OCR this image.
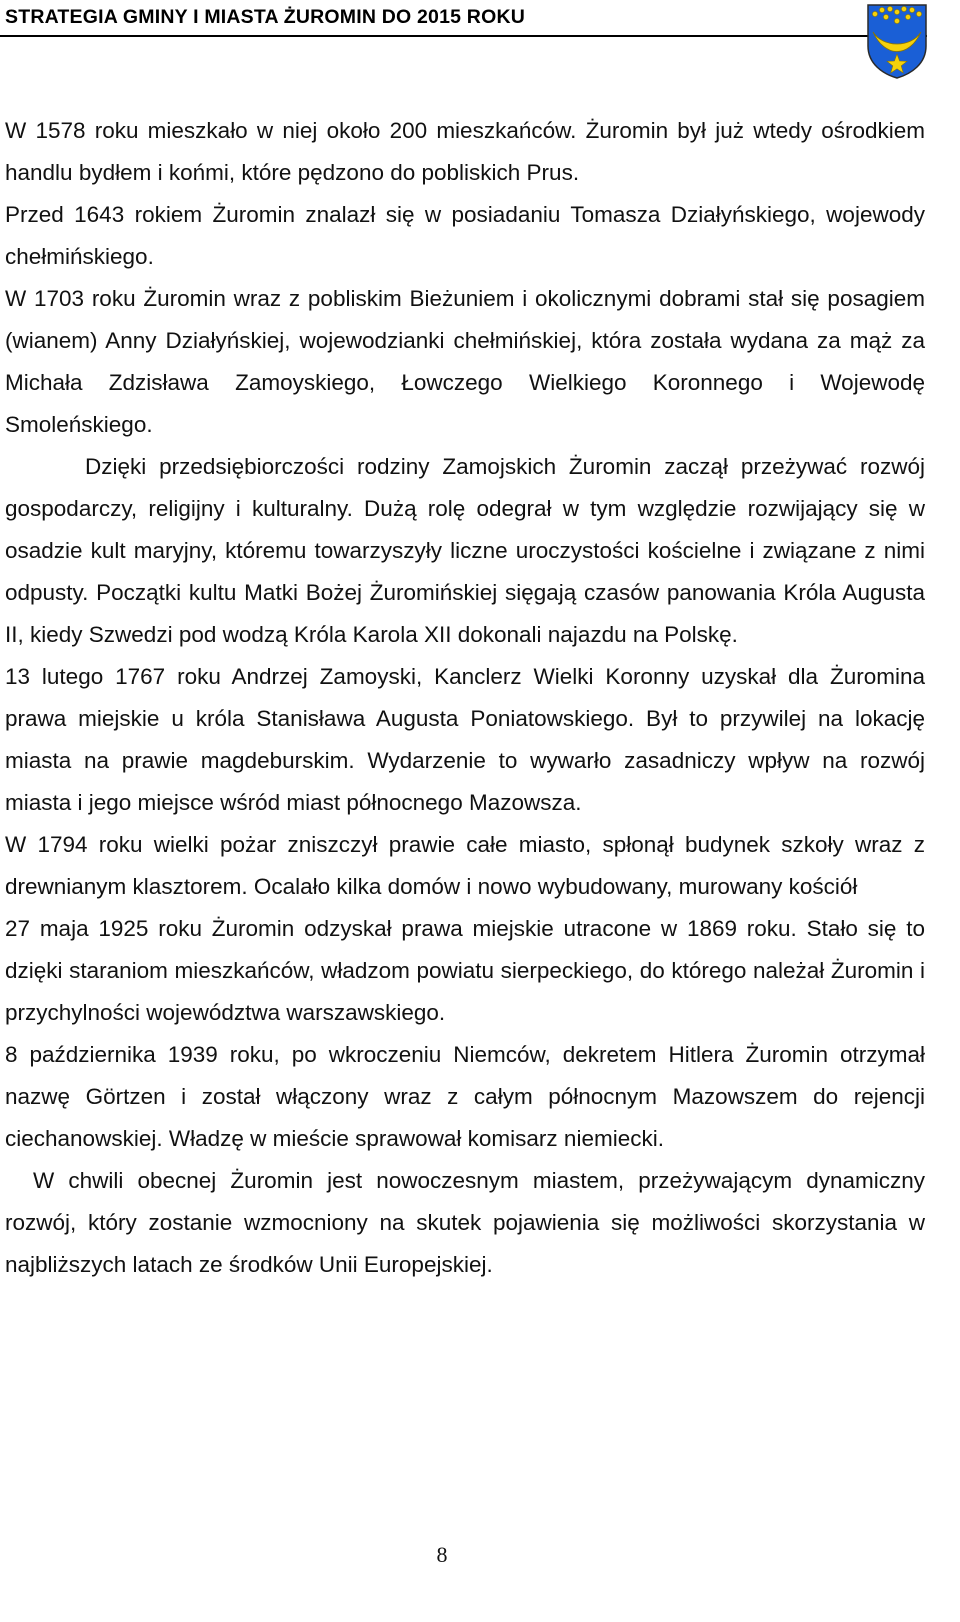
STRATEGIA GMINY I MIASTA ŻUROMIN DO 2015 ROKU

W 1578 roku mieszkało w niej około 200 mieszkańców. Żuromin był już wtedy ośrodkiem handlu bydłem i końmi, które pędzono do pobliskich Prus.

Przed 1643 rokiem Żuromin znalazł się w posiadaniu Tomasza Działyńskiego, wojewody chełmińskiego.

W 1703 roku Żuromin wraz z pobliskim Bieżuniem i okolicznymi dobrami stał się posagiem (wianem) Anny Działyńskiej, wojewodzianki chełmińskiej, która została wydana za mąż za Michała Zdzisława Zamoyskiego, Łowczego Wielkiego Koronnego i Wojewodę Smoleńskiego.

Dzięki przedsiębiorczości rodziny Zamojskich Żuromin zaczął przeżywać rozwój gospodarczy, religijny i kulturalny. Dużą rolę odegrał w tym względzie rozwijający się w osadzie kult maryjny, któremu towarzyszyły liczne uroczystości kościelne i związane z nimi odpusty. Początki kultu Matki Bożej Żuromińskiej sięgają czasów panowania Króla Augusta II, kiedy Szwedzi pod wodzą Króla Karola XII dokonali najazdu na Polskę.

13 lutego 1767 roku Andrzej Zamoyski, Kanclerz Wielki Koronny uzyskał dla Żuromina prawa miejskie u króla Stanisława Augusta Poniatowskiego. Był to przywilej na lokację miasta na prawie magdeburskim. Wydarzenie to wywarło zasadniczy wpływ na rozwój miasta i jego miejsce wśród miast północnego Mazowsza.

W 1794 roku wielki pożar zniszczył prawie całe miasto, spłonął budynek szkoły wraz z drewnianym klasztorem. Ocalało kilka domów i nowo wybudowany, murowany kościół

27 maja 1925 roku Żuromin odzyskał prawa miejskie utracone w 1869 roku. Stało się to dzięki staraniom mieszkańców, władzom powiatu sierpeckiego, do którego należał Żuromin i przychylności województwa warszawskiego.

8 października 1939 roku, po wkroczeniu Niemców, dekretem Hitlera Żuromin otrzymał nazwę Görtzen i został włączony wraz z całym północnym Mazowszem do rejencji ciechanowskiej. Władzę w mieście sprawował komisarz niemiecki.

W chwili obecnej Żuromin jest nowoczesnym miastem, przeżywającym dynamiczny rozwój, który zostanie wzmocniony na skutek pojawienia się możliwości skorzystania w najbliższych latach ze środków Unii Europejskiej.

8
